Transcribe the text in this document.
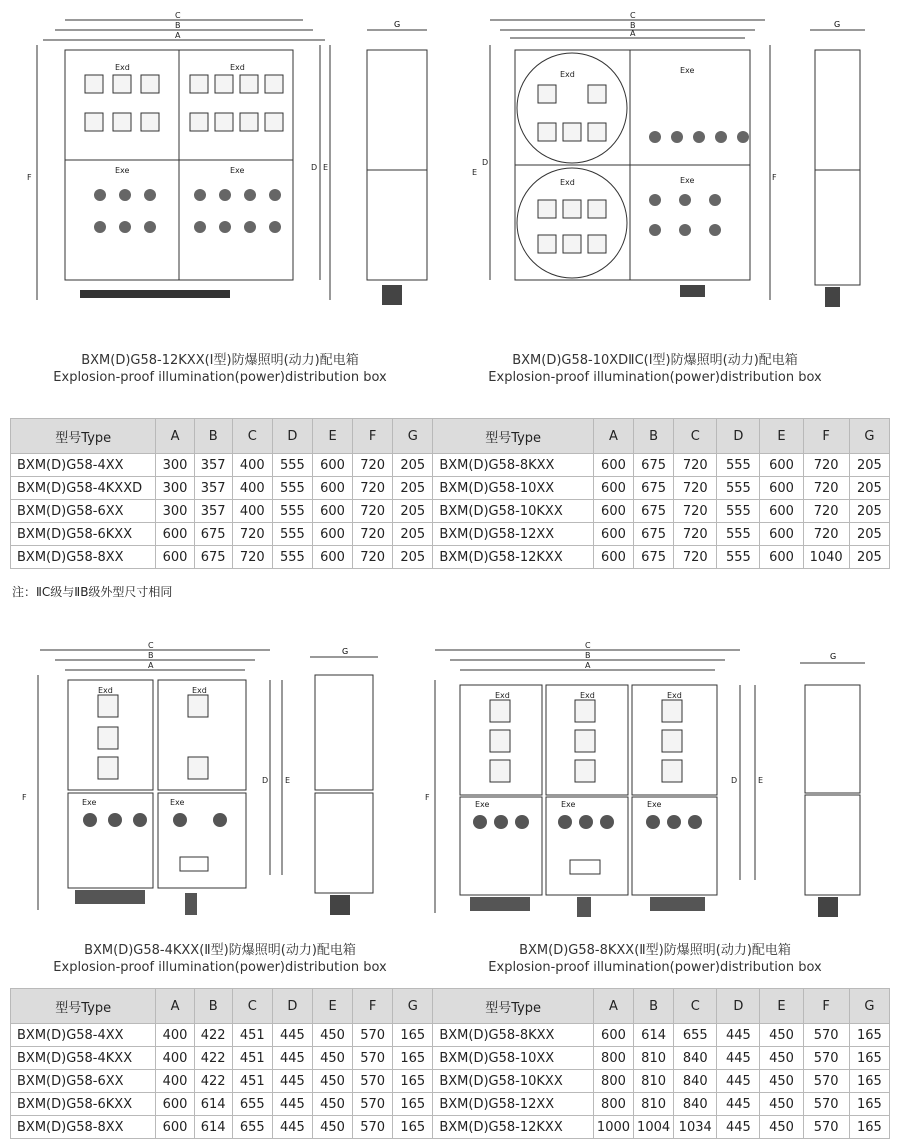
C
B
A
Exd	Exd
Exe	Exe
F
D E
G
C
B
A
Exd
Exd
Exe
Exe
E
D
F
G
BXM(D)G58-12KXX(I型)防爆照明(动力)配电箱
Explosion-proof illumination(power)distribution box
BXM(D)G58-10XDⅡC(I型)防爆照明(动力)配电箱
Explosion-proof illumination(power)distribution box
型号Type	A	B	C	D	E	F	G	型号Type	A	B	C	D	E	F	G
BXM(D)G58-4XX	300	357	400	555	600	720	205	BXM(D)G58-8KXX	600	675	720	555	600	720	205
BXM(D)G58-4KXXD	300	357	400	555	600	720	205	BXM(D)G58-10XX	600	675	720	555	600	720	205
BXM(D)G58-6XX	300	357	400	555	600	720	205	BXM(D)G58-10KXX	600	675	720	555	600	720	205
BXM(D)G58-6KXX	600	675	720	555	600	720	205	BXM(D)G58-12XX	600	675	720	555	600	720	205
BXM(D)G58-8XX	600	675	720	555	600	720	205	BXM(D)G58-12KXX	600	675	720	555	600	1040	205
注：ⅡC级与ⅡB级外型尺寸相同
C
B
A
Exd	Exd
Exe	Exe
F
D E
G
C
B
A
Exd	Exd	Exd
Exe	Exe	Exe
F
D	E
G
BXM(D)G58-4KXX(Ⅱ型)防爆照明(动力)配电箱
Explosion-proof illumination(power)distribution box
BXM(D)G58-8KXX(Ⅱ型)防爆照明(动力)配电箱
Explosion-proof illumination(power)distribution box
型号Type	A	B	C	D	E	F	G	型号Type	A	B	C	D	E	F	G
BXM(D)G58-4XX	400	422	451	445	450	570	165	BXM(D)G58-8KXX	600	614	655	445	450	570	165
BXM(D)G58-4KXX	400	422	451	445	450	570	165	BXM(D)G58-10XX	800	810	840	445	450	570	165
BXM(D)G58-6XX	400	422	451	445	450	570	165	BXM(D)G58-10KXX	800	810	840	445	450	570	165
BXM(D)G58-6KXX	600	614	655	445	450	570	165	BXM(D)G58-12XX	800	810	840	445	450	570	165
BXM(D)G58-8XX	600	614	655	445	450	570	165	BXM(D)G58-12KXX	1000	1004	1034	445	450	570	165
